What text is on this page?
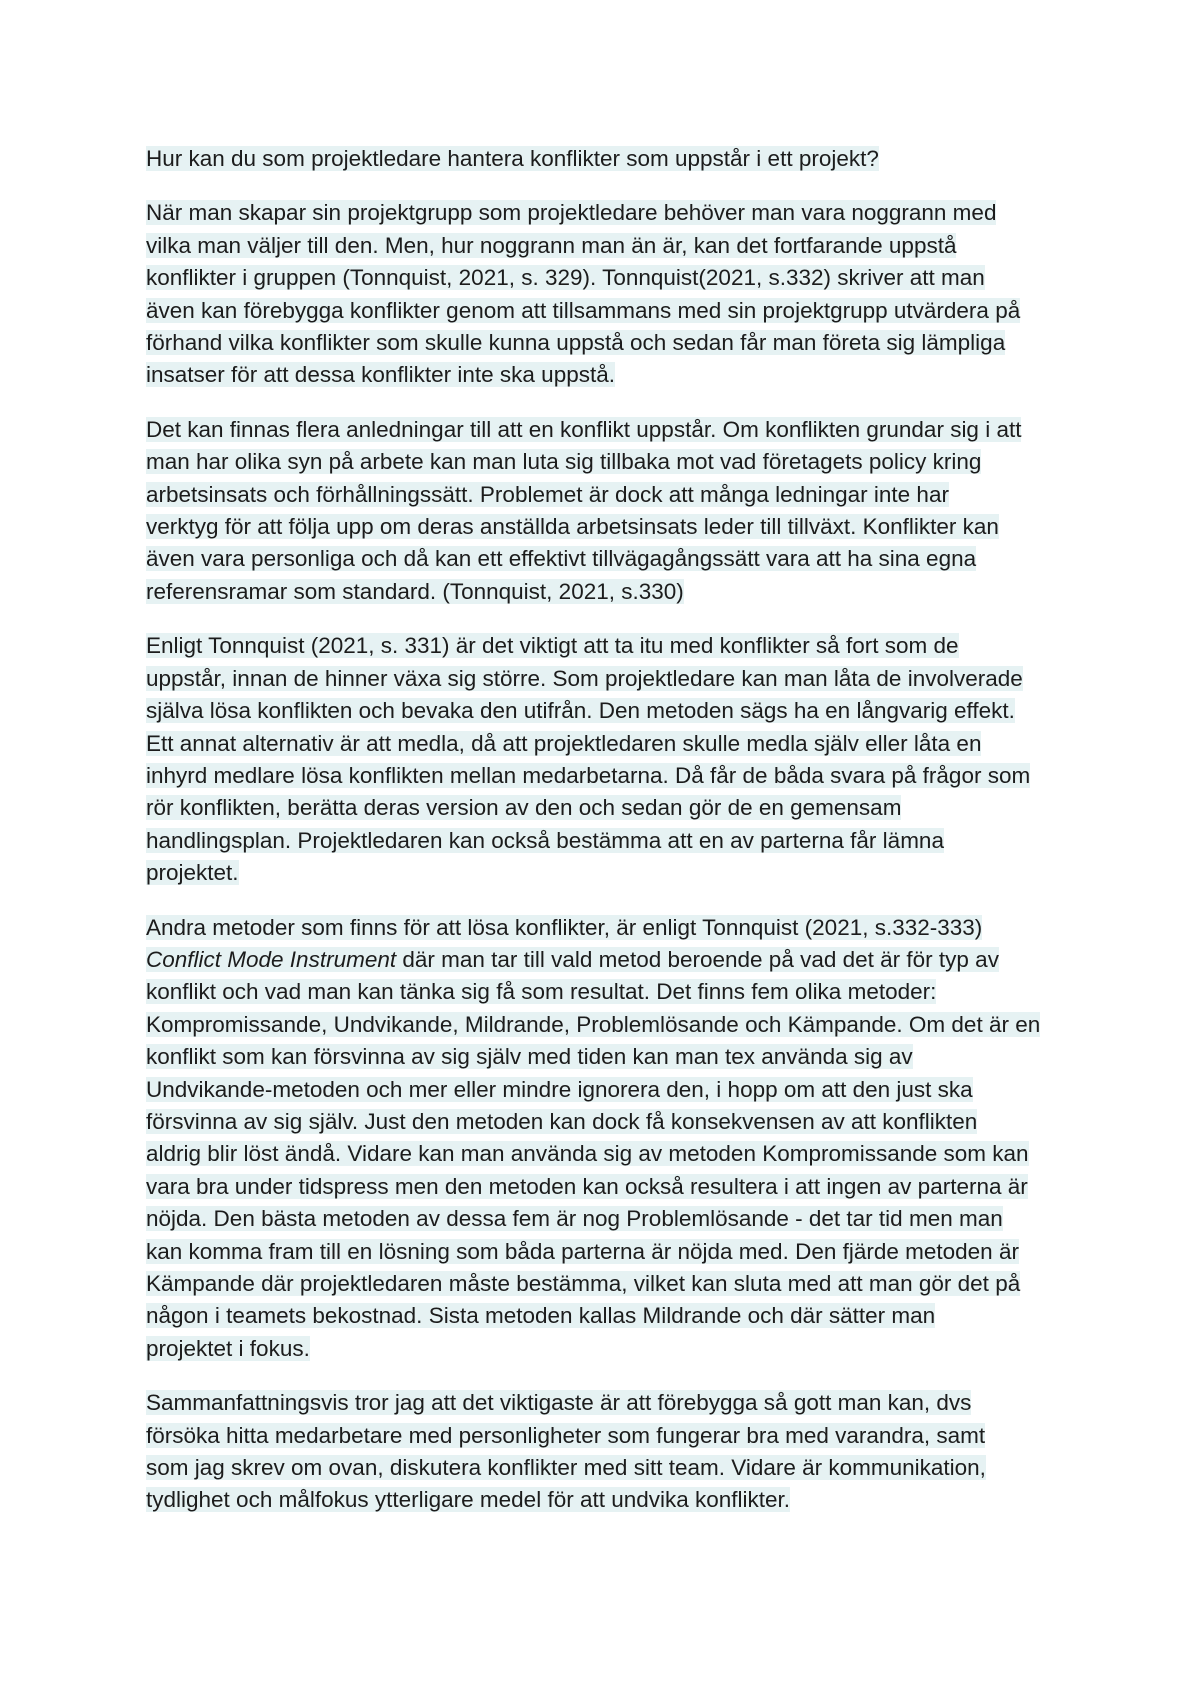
Hur kan du som projektledare hantera konflikter som uppstår i ett projekt?

När man skapar sin projektgrupp som projektledare behöver man vara noggrann med
vilka man väljer till den. Men, hur noggrann man än är, kan det fortfarande uppstå
konflikter i gruppen (Tonnquist, 2021, s. 329). Tonnquist(2021, s.332) skriver att man
även kan förebygga konflikter genom att tillsammans med sin projektgrupp utvärdera på
förhand vilka konflikter som skulle kunna uppstå och sedan får man företa sig lämpliga
insatser för att dessa konflikter inte ska uppstå.

Det kan finnas flera anledningar till att en konflikt uppstår. Om konflikten grundar sig i att
man har olika syn på arbete kan man luta sig tillbaka mot vad företagets policy kring
arbetsinsats och förhållningssätt. Problemet är dock att många ledningar inte har
verktyg för att följa upp om deras anställda arbetsinsats leder till tillväxt. Konflikter kan
även vara personliga och då kan ett effektivt tillvägagångssätt vara att ha sina egna
referensramar som standard. (Tonnquist, 2021, s.330)

Enligt Tonnquist (2021, s. 331) är det viktigt att ta itu med konflikter så fort som de
uppstår, innan de hinner växa sig större. Som projektledare kan man låta de involverade
själva lösa konflikten och bevaka den utifrån. Den metoden sägs ha en långvarig effekt.
Ett annat alternativ är att medla, då att projektledaren skulle medla själv eller låta en
inhyrd medlare lösa konflikten mellan medarbetarna. Då får de båda svara på frågor som
rör konflikten, berätta deras version av den och sedan gör de en gemensam
handlingsplan. Projektledaren kan också bestämma att en av parterna får lämna
projektet.

Andra metoder som finns för att lösa konflikter, är enligt Tonnquist (2021, s.332-333)
Conflict Mode Instrument där man tar till vald metod beroende på vad det är för typ av
konflikt och vad man kan tänka sig få som resultat. Det finns fem olika metoder:
Kompromissande, Undvikande, Mildrande, Problemlösande och Kämpande. Om det är en
konflikt som kan försvinna av sig själv med tiden kan man tex använda sig av
Undvikande-metoden och mer eller mindre ignorera den, i hopp om att den just ska
försvinna av sig själv. Just den metoden kan dock få konsekvensen av att konflikten
aldrig blir löst ändå. Vidare kan man använda sig av metoden Kompromissande som kan
vara bra under tidspress men den metoden kan också resultera i att ingen av parterna är
nöjda. Den bästa metoden av dessa fem är nog Problemlösande - det tar tid men man
kan komma fram till en lösning som båda parterna är nöjda med. Den fjärde metoden är
Kämpande där projektledaren måste bestämma, vilket kan sluta med att man gör det på
någon i teamets bekostnad. Sista metoden kallas Mildrande och där sätter man
projektet i fokus.

Sammanfattningsvis tror jag att det viktigaste är att förebygga så gott man kan, dvs
försöka hitta medarbetare med personligheter som fungerar bra med varandra, samt
som jag skrev om ovan, diskutera konflikter med sitt team. Vidare är kommunikation,
tydlighet och målfokus ytterligare medel för att undvika konflikter.
